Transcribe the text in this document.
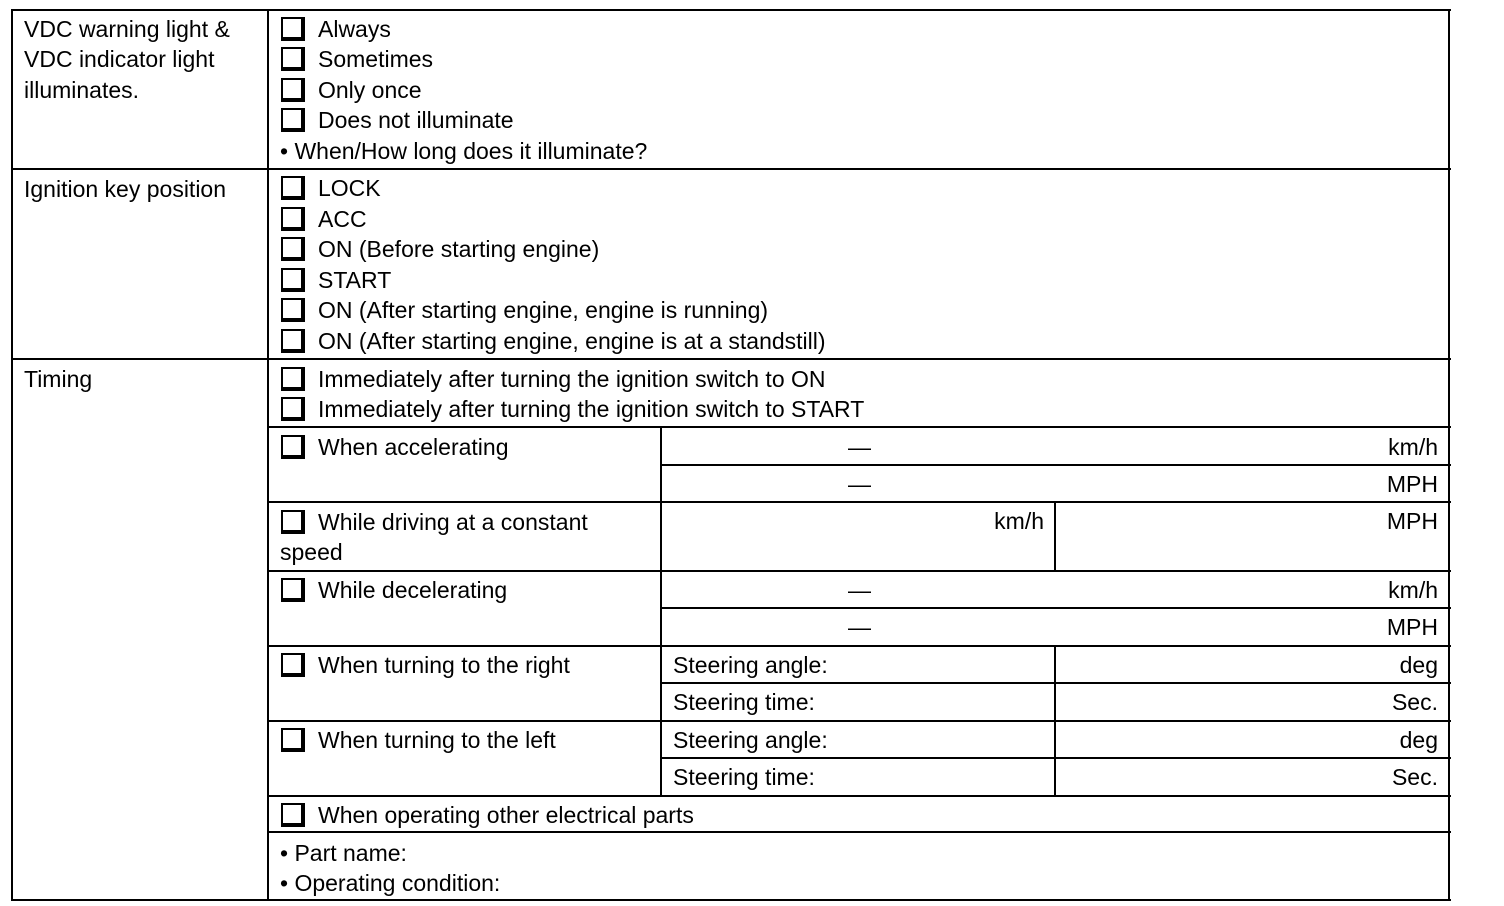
VDC warning light &
VDC indicator light
illuminates.
Always
Sometimes
Only once
Does not illuminate
• When/How long does it illuminate?
Ignition key position	LOCK
ACC
ON (Before starting engine)
START
ON (After starting engine, engine is running)
ON (After starting engine, engine is at a standstill)
Timing	Immediately after turning the ignition switch to ON
Immediately after turning the ignition switch to START
When accelerating	—	km/h
—	MPH
While driving at a constant
speed
km/h	MPH
While decelerating	—	km/h
—	MPH
When turning to the right	Steering angle:	deg
Steering time:	Sec.
When turning to the left	Steering angle:	deg
Steering time:	Sec.
When operating other electrical parts
• Part name:
• Operating condition:
